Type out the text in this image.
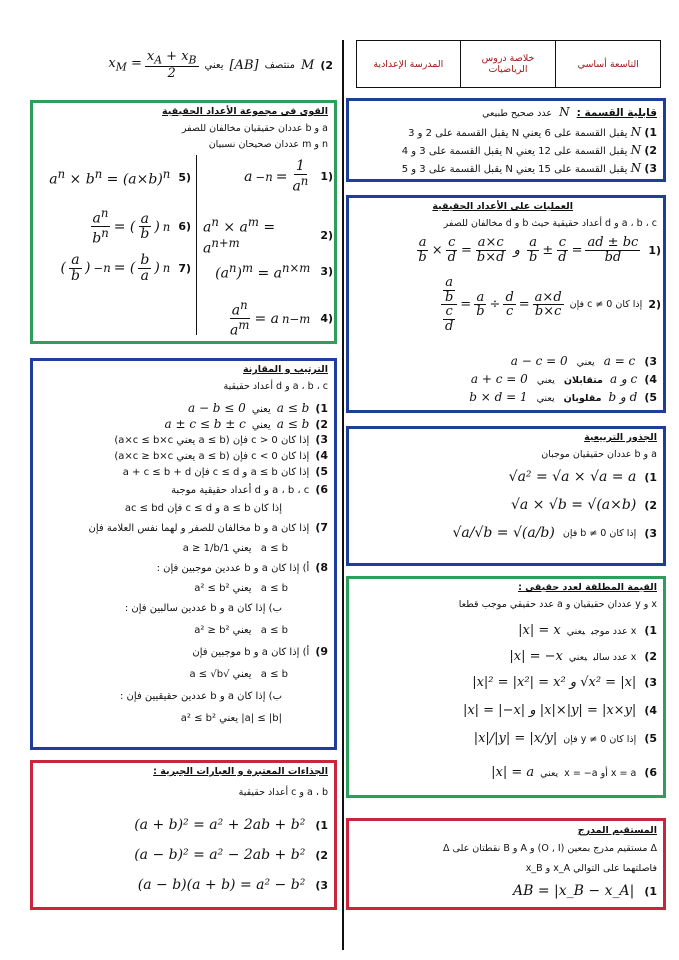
المدرسة الإعدادية	خلاصة دروس الرياضيات	التاسعة أساسي
2)
M
منتصف
[AB]
يعني
$x_M = \frac{x_A + x_B}{2}$
قابلية القسمة : N عدد صحيح طبيعي
1) N يقبل القسمة على 6 يعني N يقبل القسمة على 2 و 3
2) N يقبل القسمة على 12 يعني N يقبل القسمة على 3 و 4
3) N يقبل القسمة على 15 يعني N يقبل القسمة على 3 و 5
القوى في مجموعة الأعداد الحقيقية
a و b عددان حقيقيان مخالفان للصفر
n و m عددان صحيحان نسبيان
$a -n = \frac{1}{a^n} 1$)
$a^n \times a^m = a^{n+m}$	2)
$(a^n)^m = a^{n\times m}$ 3)
$\frac{a^n}{a^m} = a$ n−m 4)
$a^n \times b^n = (a\times b)^n$ 5)
$\frac{a^n}{b^n}$ = ( $\frac{a}{b}$ ) n 6)
( $\frac{a}{b}$ ) −n = ( $\frac{b}{a}$ ) n 7)
العمليات على الأعداد الحقيقية
a ، b ، c و d أعداد حقيقية حيث b و d مخالفان للصفر
$\frac{a}{b} \times \frac{c}{d} = \frac{a\times c}{b\times d}$ و $\frac{a}{b} \pm \frac{c}{d} = \frac{ad \pm bc}{bd} 1$)
$\frac{\frac{a}{b}}{\frac{c}{d}} = \frac{a}{b} \div \frac{d}{c} = \frac{a\times d}{b\times c}$ إذا كان c ≠ 0 فإن 2)
3) a = c يعني a − c = 0
4) a و c متقابلان يعني a + c = 0
5) b و d مقلوبان يعني b × d = 1
الترتيب و المقارنة
a ، b ، c و d أعداد حقيقية
1)a ≤ bيعنيa − b ≤ 0
2)a ≤ bيعنيa ± c ≤ b ± c
3)إذا كان c > 0 فإن (a ≤ b يعني a×c ≤ b×c)
4)إذا كان c < 0 فإن (a ≤ b يعني a×c ≥ b×c)
5)إذا كان a ≤ b و c ≤ d فإن a + c ≤ b + d
6)a ، b ، c و d أعداد حقيقية موجبة
إذا كان a ≤ b و c ≤ d فإن ac ≤ bd
7)إذا كان a و b مخالفان للصفر و لهما نفس العلامة فإن
a ≤ b يعني 1/a ≥ 1/b
8)أ) إذا كان a و b عددين موجبين فإن :
a ≤ b يعني a² ≤ b²
ب) إذا كان a و b عددين سالبين فإن :
a ≤ b يعني a² ≥ b²
9)أ) إذا كان a و b موجبين فإن
a ≤ b يعني √a ≤ √b
ب) إذا كان a و b عددين حقيقيين فإن :
|a| ≤ |b| يعني a² ≤ b²
الجذور التربيعية
a و b عددان حقيقيان موجبان
1)
√a² = √a × √a = a
2)
√a × √b = √(a×b)
3)
إذا كان b ≠ 0 فإن
√a/√b = √(a/b)
القيمة المطلقة لعدد حقيقي :
x و y عددان حقيقيان و a عدد حقيقي موجب قطعا
1)x عدد موجبيعني|x| = x
2)x عدد سالبيعني|x| = −x
3)|x|² = |x²| = x² و √x² = |x|
4)|x| = |−x| و |x|×|y| = |x×y|
5)إذا كان y ≠ 0 فإن|x|/|y| = |x/y|
6)x = a أو x = −aيعني|x| = a
الجذاءات المعتبرة و العبارات الجبرية :
a ، b و c أعداد حقيقية
1)
(a + b)² = a² + 2ab + b²
2)
(a − b)² = a² − 2ab + b²
3)
(a − b)(a + b) = a² − b²
المستقيم المدرج
Δ مستقيم مدرج بمعين (O , I) و A و B نقطتان على Δ
فاصلتهما على التوالي x_A و x_B
1)
AB = |x_B − x_A|
